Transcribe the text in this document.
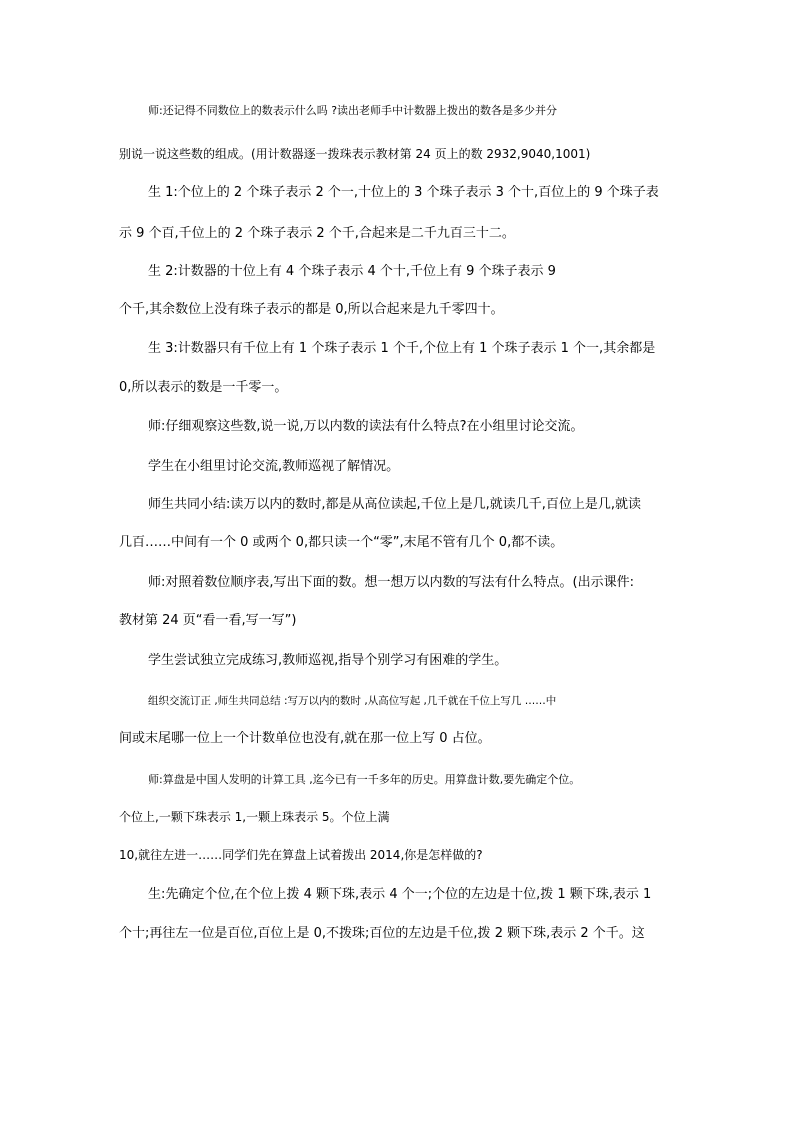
师:还记得不同数位上的数表示什么吗 ?读出老师手中计数器上拨出的数各是多少并分

别说一说这些数的组成。(用计数器逐一拨珠表示教材第 24 页上的数 2932,9040,1001)

生 1:个位上的 2 个珠子表示 2 个一,十位上的 3 个珠子表示 3 个十,百位上的 9 个珠子表

示 9 个百,千位上的 2 个珠子表示 2 个千,合起来是二千九百三十二。

生 2:计数器的十位上有 4 个珠子表示 4 个十,千位上有 9 个珠子表示 9

个千,其余数位上没有珠子表示的都是 0,所以合起来是九千零四十。

生 3:计数器只有千位上有 1 个珠子表示 1 个千,个位上有 1 个珠子表示 1 个一,其余都是

0,所以表示的数是一千零一。

师:仔细观察这些数,说一说,万以内数的读法有什么特点?在小组里讨论交流。

学生在小组里讨论交流,教师巡视了解情况。

师生共同小结:读万以内的数时,都是从高位读起,千位上是几,就读几千,百位上是几,就读

几百……中间有一个 0 或两个 0,都只读一个“零”,末尾不管有几个 0,都不读。

师:对照着数位顺序表,写出下面的数。想一想万以内数的写法有什么特点。(出示课件:

教材第 24 页“看一看,写一写”)

学生尝试独立完成练习,教师巡视,指导个别学习有困难的学生。

组织交流订正 ,师生共同总结 :写万以内的数时 ,从高位写起 ,几千就在千位上写几 ……中

间或末尾哪一位上一个计数单位也没有,就在那一位上写 0 占位。

师:算盘是中国人发明的计算工具 ,迄今已有一千多年的历史。用算盘计数,要先确定个位。

个位上,一颗下珠表示 1,一颗上珠表示 5。个位上满

10,就往左进一……同学们先在算盘上试着拨出 2014,你是怎样做的?

生:先确定个位,在个位上拨 4 颗下珠,表示 4 个一;个位的左边是十位,拨 1 颗下珠,表示 1

个十;再往左一位是百位,百位上是 0,不拨珠;百位的左边是千位,拨 2 颗下珠,表示 2 个千。这
